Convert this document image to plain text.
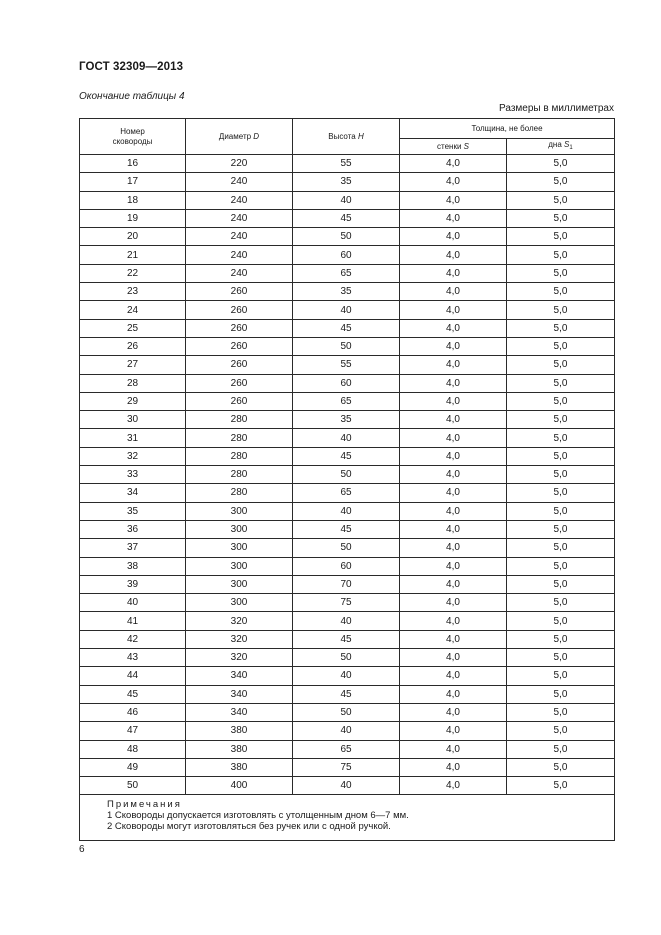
ГОСТ 32309—2013
Окончание таблицы 4
Размеры в миллиметрах
Номер
сковороды	Диаметр D	Высота H	Толщина, не более	
			стенки S	дна $S_1$
16	220	55	4,0	5,0
17	240	35	4,0	5,0
18	240	40	4,0	5,0
19	240	45	4,0	5,0
20	240	50	4,0	5,0
21	240	60	4,0	5,0
22	240	65	4,0	5,0
23	260	35	4,0	5,0
24	260	40	4,0	5,0
25	260	45	4,0	5,0
26	260	50	4,0	5,0
27	260	55	4,0	5,0
28	260	60	4,0	5,0
29	260	65	4,0	5,0
30	280	35	4,0	5,0
31	280	40	4,0	5,0
32	280	45	4,0	5,0
33	280	50	4,0	5,0
34	280	65	4,0	5,0
35	300	40	4,0	5,0
36	300	45	4,0	5,0
37	300	50	4,0	5,0
38	300	60	4,0	5,0
39	300	70	4,0	5,0
40	300	75	4,0	5,0
41	320	40	4,0	5,0
42	320	45	4,0	5,0
43	320	50	4,0	5,0
44	340	40	4,0	5,0
45	340	45	4,0	5,0
46	340	50	4,0	5,0
47	380	40	4,0	5,0
48	380	65	4,0	5,0
49	380	75	4,0	5,0
50	400	40	4,0	5,0

Примечания
1 Сковороды допускается изготовлять с утолщенным дном 6—7 мм.
2 Сковороды могут изготовляться без ручек или с одной ручкой.				
6
